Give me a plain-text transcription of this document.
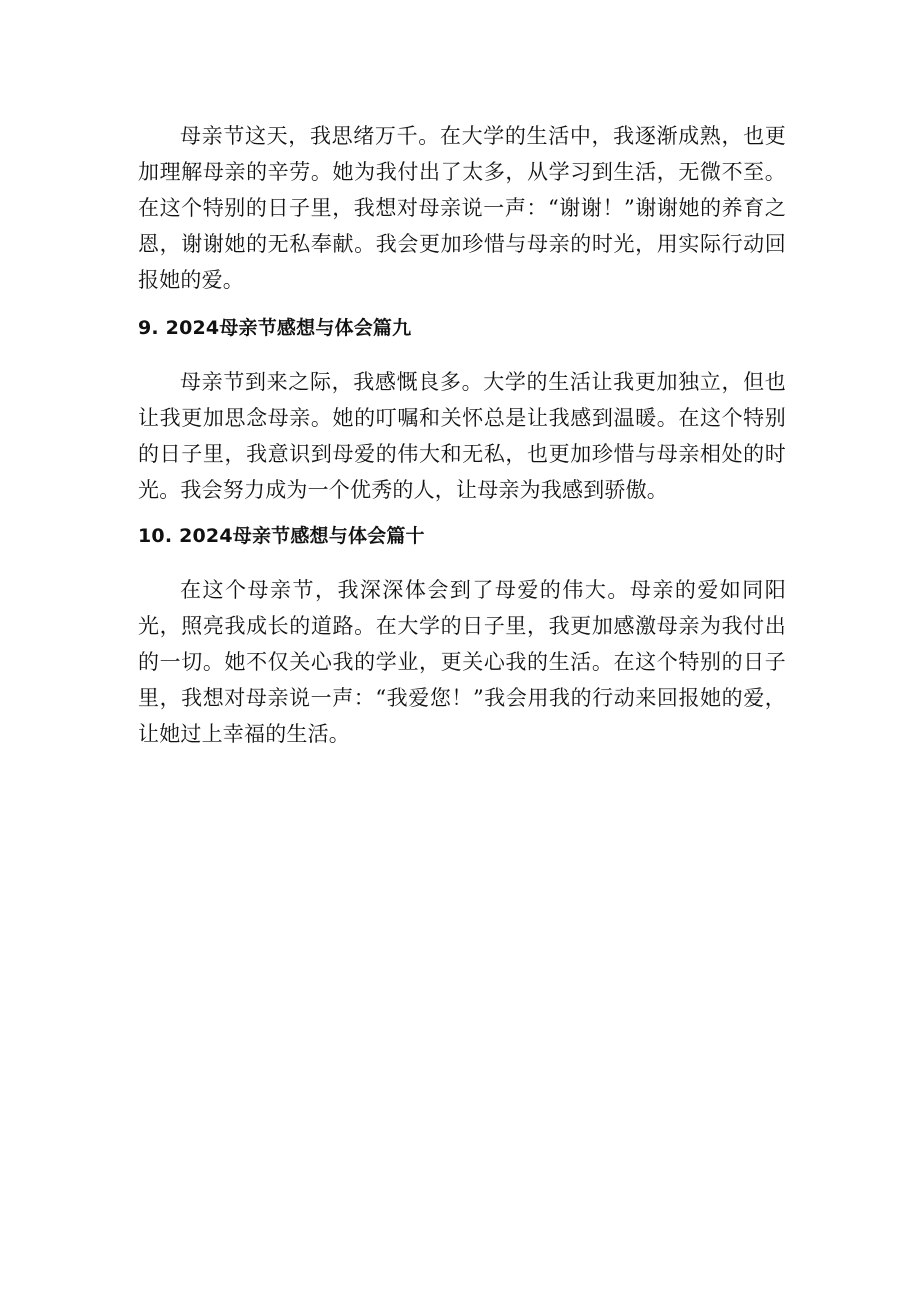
母亲节这天，我思绪万千。在大学的生活中，我逐渐成熟，也更加理解母亲的辛劳。她为我付出了太多，从学习到生活，无微不至。在这个特别的日子里，我想对母亲说一声：“谢谢！”谢谢她的养育之恩，谢谢她的无私奉献。我会更加珍惜与母亲的时光，用实际行动回报她的爱。

9. 2024母亲节感想与体会篇九

母亲节到来之际，我感慨良多。大学的生活让我更加独立，但也让我更加思念母亲。她的叮嘱和关怀总是让我感到温暖。在这个特别的日子里，我意识到母爱的伟大和无私，也更加珍惜与母亲相处的时光。我会努力成为一个优秀的人，让母亲为我感到骄傲。

10. 2024母亲节感想与体会篇十

在这个母亲节，我深深体会到了母爱的伟大。母亲的爱如同阳光，照亮我成长的道路。在大学的日子里，我更加感激母亲为我付出的一切。她不仅关心我的学业，更关心我的生活。在这个特别的日子里，我想对母亲说一声：“我爱您！”我会用我的行动来回报她的爱，让她过上幸福的生活。
